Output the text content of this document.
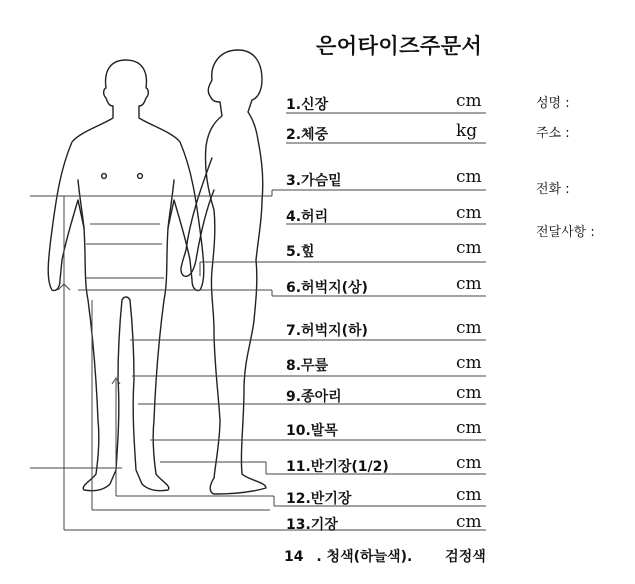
은어타이즈주문서
1.신장	cm
2.체중	kg
3.가슴밑	cm
4.허리	cm
5.힢	cm
6.허벅지(상)	cm
7.허벅지(하)	cm
8.무릎	cm
9.종아리	cm
10.발목	cm
11.반기장(1/2)	cm
12.반기장	cm
13.기장	cm
성명 :
주소 :
전화 :
전달사항 :
14 . 청색(하늘색). 검정색
